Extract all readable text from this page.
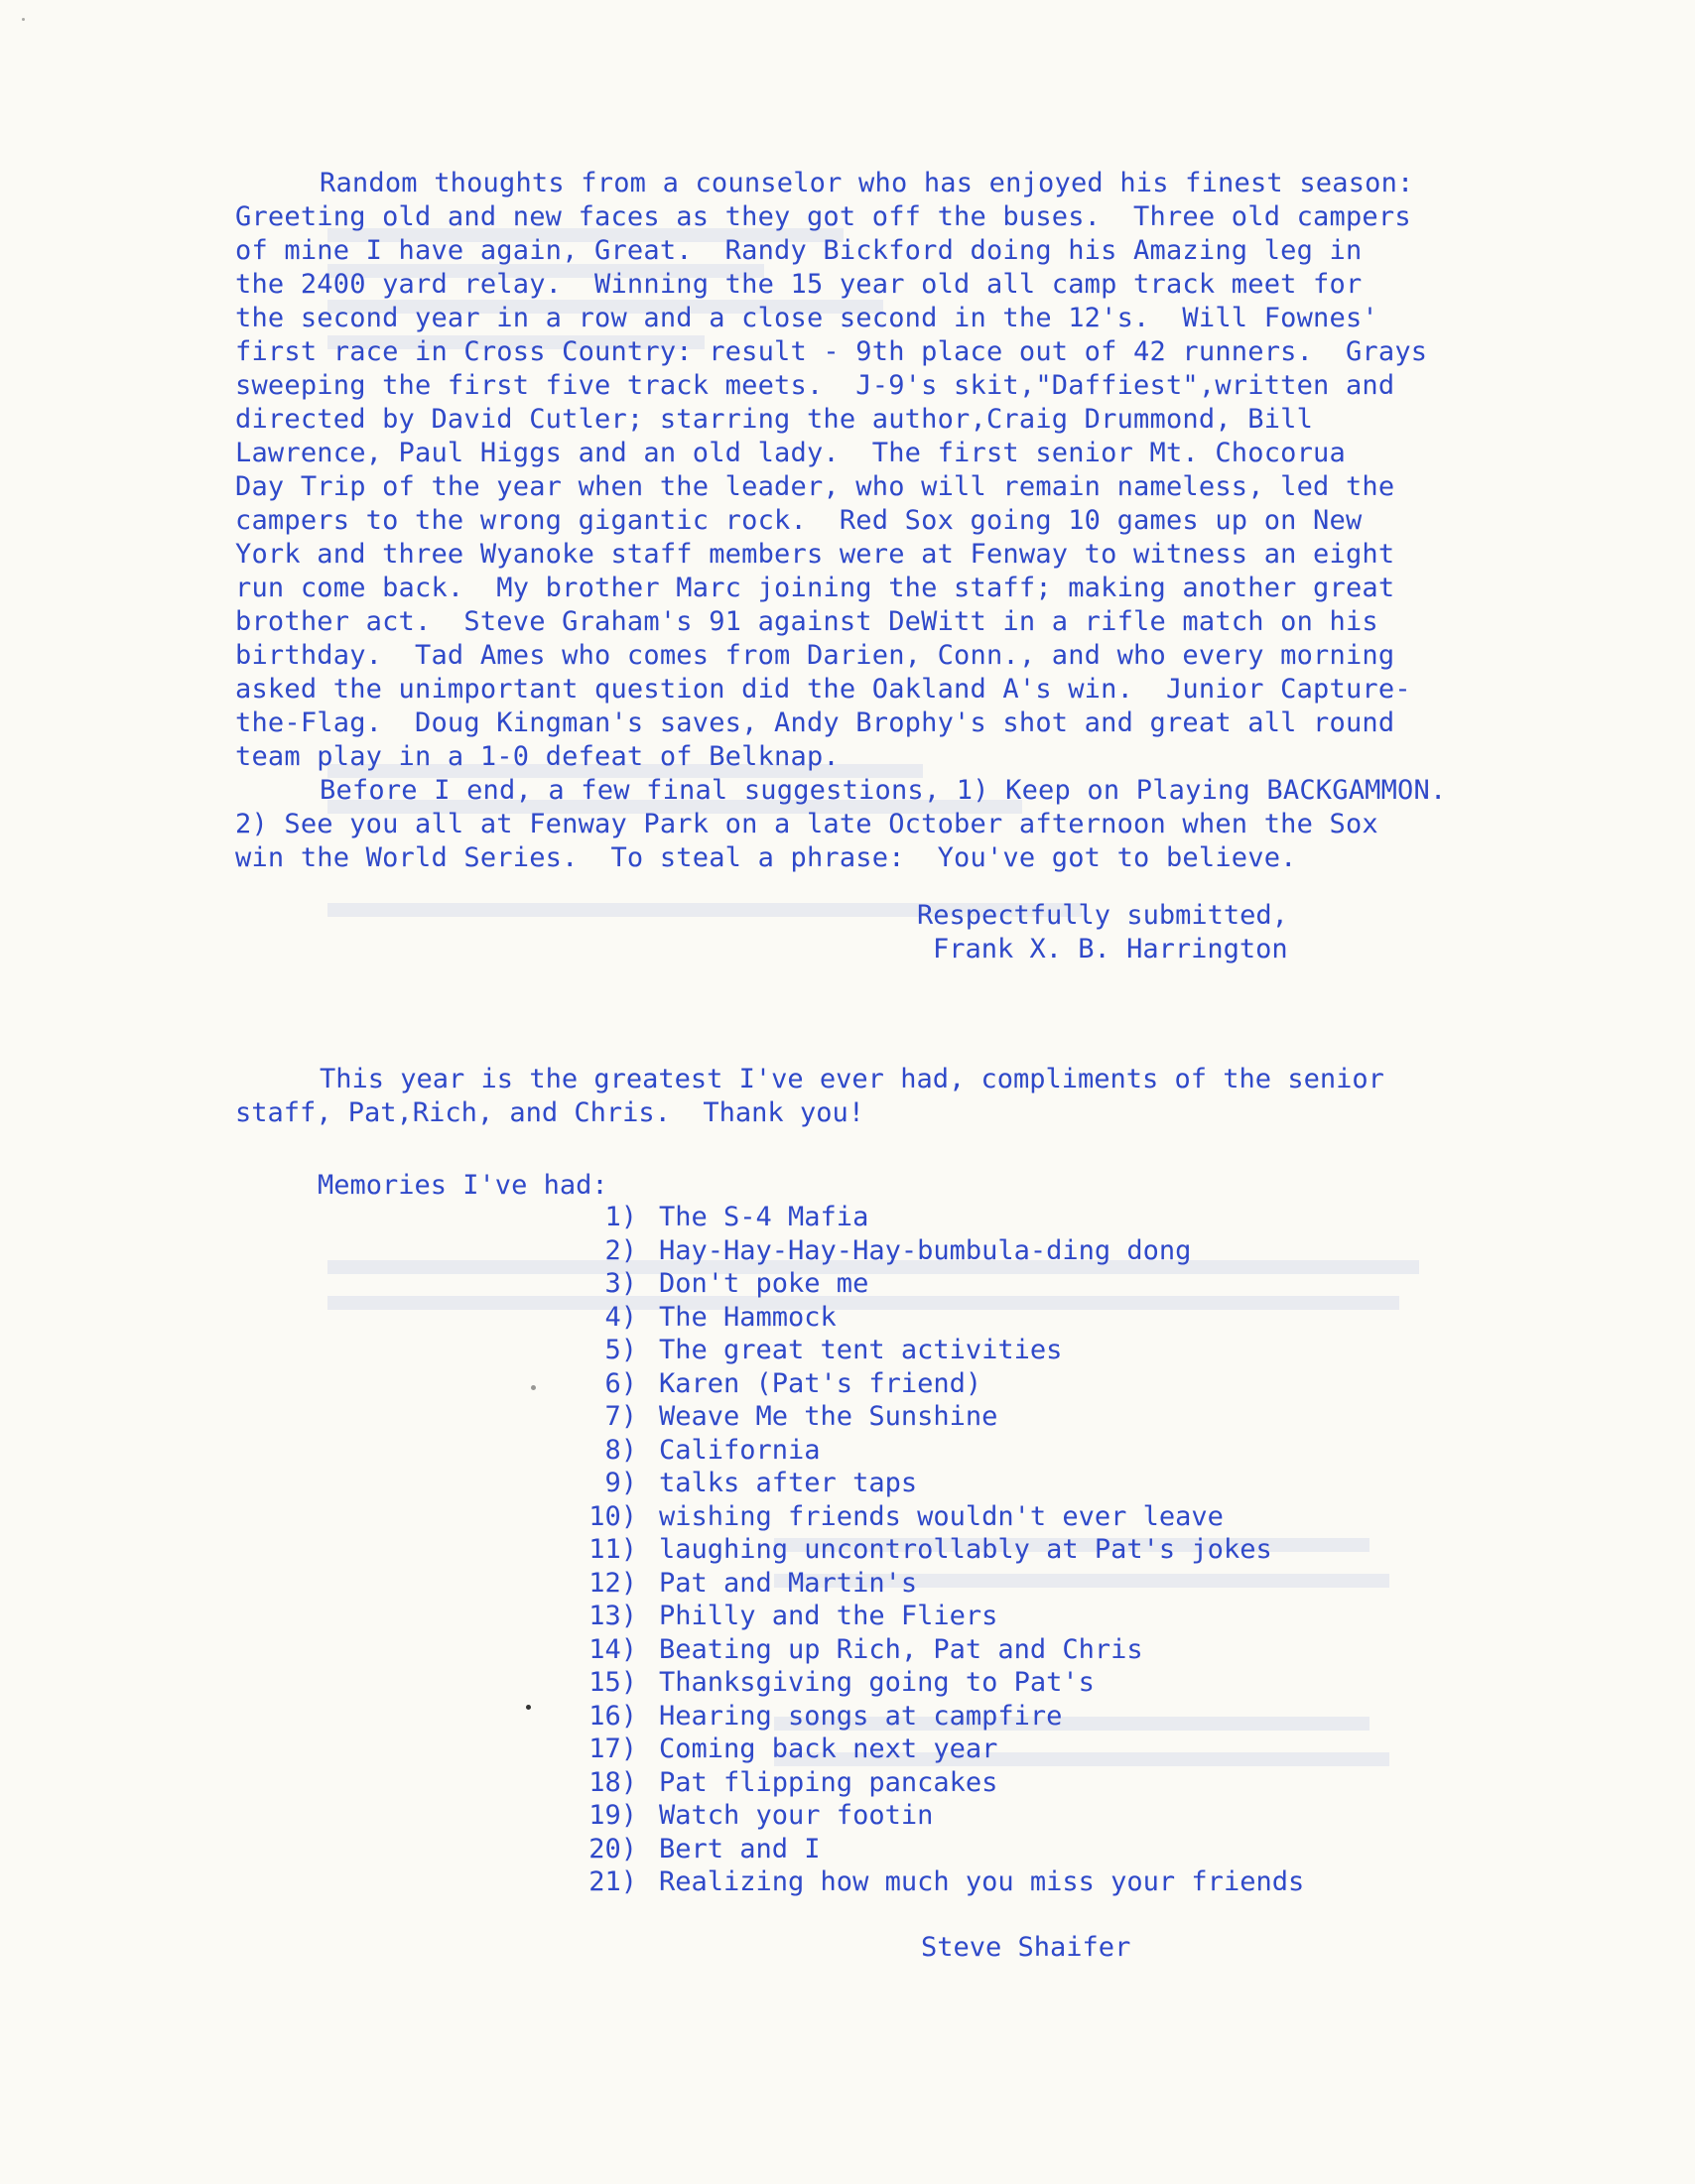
Random thoughts from a counselor who has enjoyed his finest season:
Greeting old and new faces as they got off the buses.  Three old campers
of mine I have again, Great.  Randy Bickford doing his Amazing leg in
the 2400 yard relay.  Winning the 15 year old all camp track meet for
the second year in a row and a close second in the 12's.  Will Fownes'
first race in Cross Country: result - 9th place out of 42 runners.  Grays
sweeping the first five track meets.  J-9's skit,"Daffiest",written and
directed by David Cutler; starring the author,Craig Drummond, Bill
Lawrence, Paul Higgs and an old lady.  The first senior Mt. Chocorua
Day Trip of the year when the leader, who will remain nameless, led the
campers to the wrong gigantic rock.  Red Sox going 10 games up on New
York and three Wyanoke staff members were at Fenway to witness an eight
run come back.  My brother Marc joining the staff; making another great
brother act.  Steve Graham's 91 against DeWitt in a rifle match on his
birthday.  Tad Ames who comes from Darien, Conn., and who every morning
asked the unimportant question did the Oakland A's win.  Junior Capture-
the-Flag.  Doug Kingman's saves, Andy Brophy's shot and great all round
team play in a 1-0 defeat of Belknap.
Before I end, a few final suggestions, 1) Keep on Playing BACKGAMMON.
2) See you all at Fenway Park on a late October afternoon when the Sox
win the World Series.  To steal a phrase:  You've got to believe.
Respectfully submitted,
Frank X. B. Harrington
This year is the greatest I've ever had, compliments of the senior
staff, Pat,Rich, and Chris.  Thank you!
Memories I've had:
1) The S-4 Mafia
2) Hay-Hay-Hay-Hay-bumbula-ding dong
3) Don't poke me
4) The Hammock
5) The great tent activities
6) Karen (Pat's friend)
7) Weave Me the Sunshine
8) California
9) talks after taps
10) wishing friends wouldn't ever leave
11) laughing uncontrollably at Pat's jokes
12) Pat and Martin's
13) Philly and the Fliers
14) Beating up Rich, Pat and Chris
15) Thanksgiving going to Pat's
16) Hearing songs at campfire
17) Coming back next year
18) Pat flipping pancakes
19) Watch your footin
20) Bert and I
21) Realizing how much you miss your friends
Steve Shaifer
